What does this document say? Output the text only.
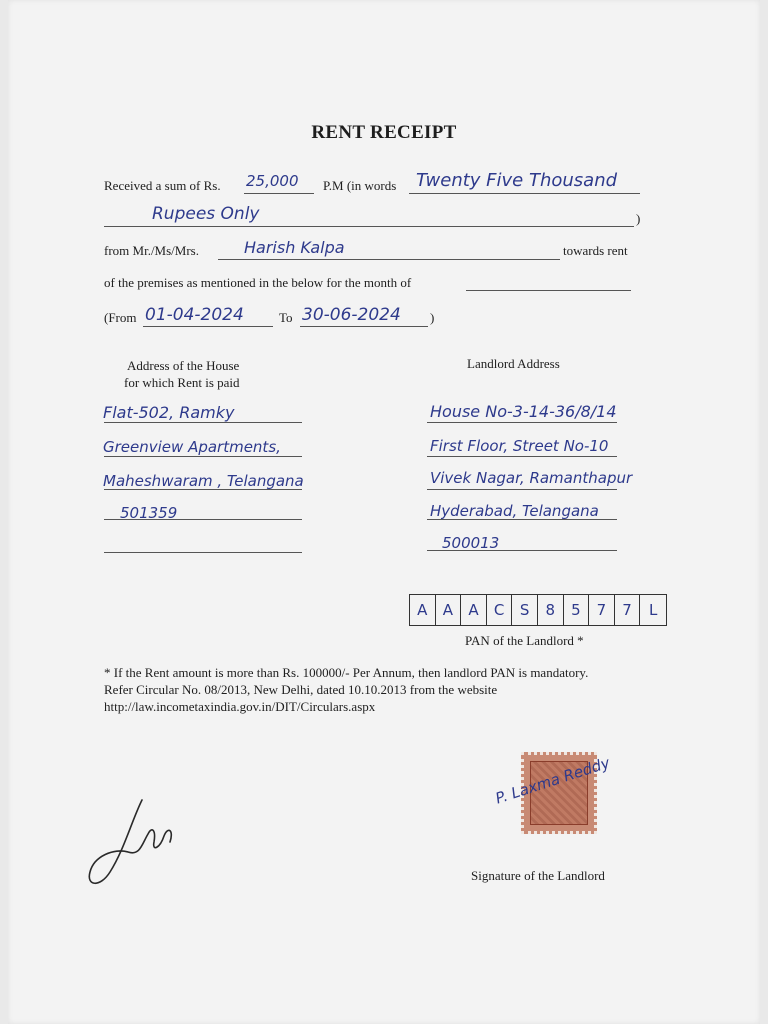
RENT RECEIPT
Received a sum of Rs. 25,000 P.M (in words Twenty Five Thousand
Rupees Only	)
from Mr./Ms/Mrs.	Harish Kalpa	towards rent
of the premises as mentioned in the below for the month of
(From 01-04-2024	To 30-06-2024 )
Address of the House
for which Rent is paid
Landlord Address
Flat-502, Ramky
Greenview Apartments,
Maheshwaram , Telangana
501359
House No-3-14-36/8/14
First Floor, Street No-10
Vivek Nagar, Ramanthapur
Hyderabad, Telangana
500013
A	A	A	C	S	8	5	7	7	L
PAN of the Landlord *
* If the Rent amount is more than Rs. 100000/- Per Annum, then landlord PAN is mandatory.
Refer Circular No. 08/2013, New Delhi, dated 10.10.2013 from the website
http://law.incometaxindia.gov.in/DIT/Circulars.aspx
P. Laxma Reddy
Signature of the Landlord
